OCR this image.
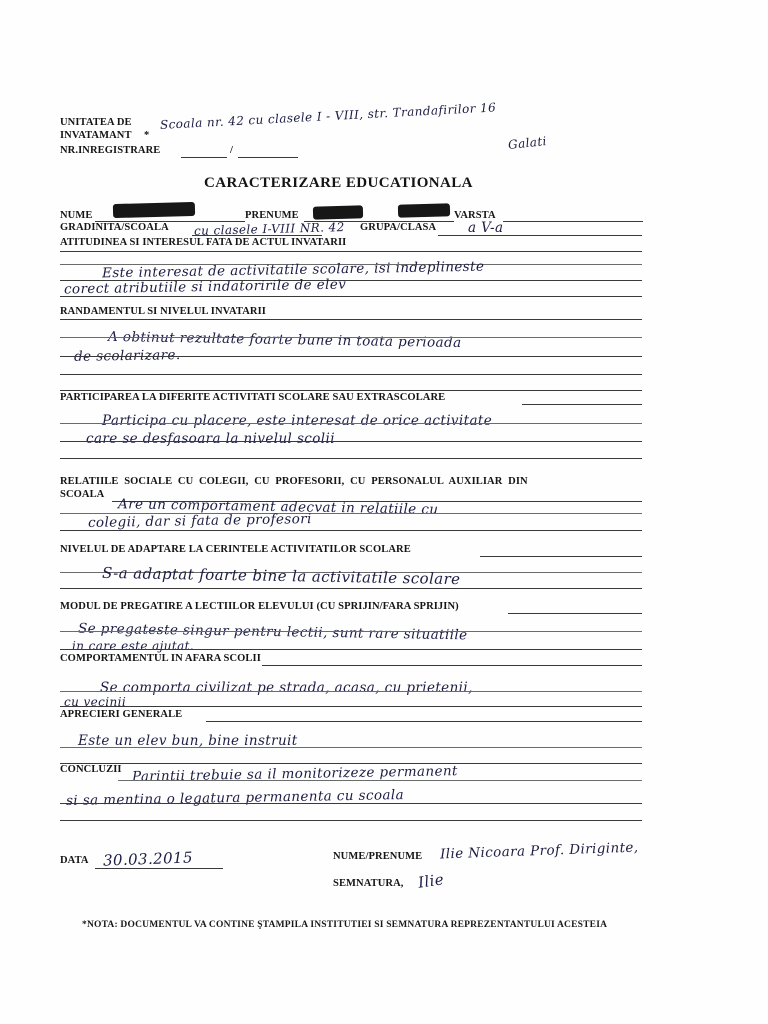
UNITATEA DE
INVATAMANT *
Scoala nr. 42 cu clasele I - VIII, str. Trandafirilor 16
Galati
NR.INREGISTRARE	/
CARACTERIZARE EDUCATIONALA
NUME	PRENUME	VARSTA
GRADINITA/SCOALA cu clasele I-VIII NR. 42 GRUPA/CLASA a V-a
ATITUDINEA SI INTERESUL FATA DE ACTUL INVATARII
Este interesat de activitatile scolare, isi indeplineste
corect atributiile si indatoririle de elev
RANDAMENTUL SI NIVELUL INVATARII
A obtinut rezultate foarte bune in toata perioada
de scolarizare.
PARTICIPAREA LA DIFERITE ACTIVITATI SCOLARE SAU EXTRASCOLARE
Participa cu placere, este interesat de orice activitate
care se desfasoara la nivelul scolii
RELATIILE SOCIALE CU COLEGII, CU PROFESORII, CU PERSONALUL AUXILIAR DIN
SCOALA
Are un comportament adecvat in relatiile cu
colegii, dar si fata de profesori
NIVELUL DE ADAPTARE LA CERINTELE ACTIVITATILOR SCOLARE
S-a adaptat foarte bine la activitatile scolare
MODUL DE PREGATIRE A LECTIILOR ELEVULUI (CU SPRIJIN/FARA SPRIJIN)
Se pregateste singur pentru lectii, sunt rare situatiile
in care este ajutat.
COMPORTAMENTUL IN AFARA SCOLII
Se comporta civilizat pe strada, acasa, cu prietenii,
cu vecinii
APRECIERI GENERALE
Este un elev bun, bine instruit
CONCLUZII Parintii trebuie sa il monitorizeze permanent
si sa mentina o legatura permanenta cu scoala
DATA 30.03.2015	NUME/PRENUME Ilie Nicoara Prof. Diriginte,
SEMNATURA, Ilie
*NOTA: DOCUMENTUL VA CONTINE ŞTAMPILA INSTITUTIEI SI SEMNATURA REPREZENTANTULUI ACESTEIA
